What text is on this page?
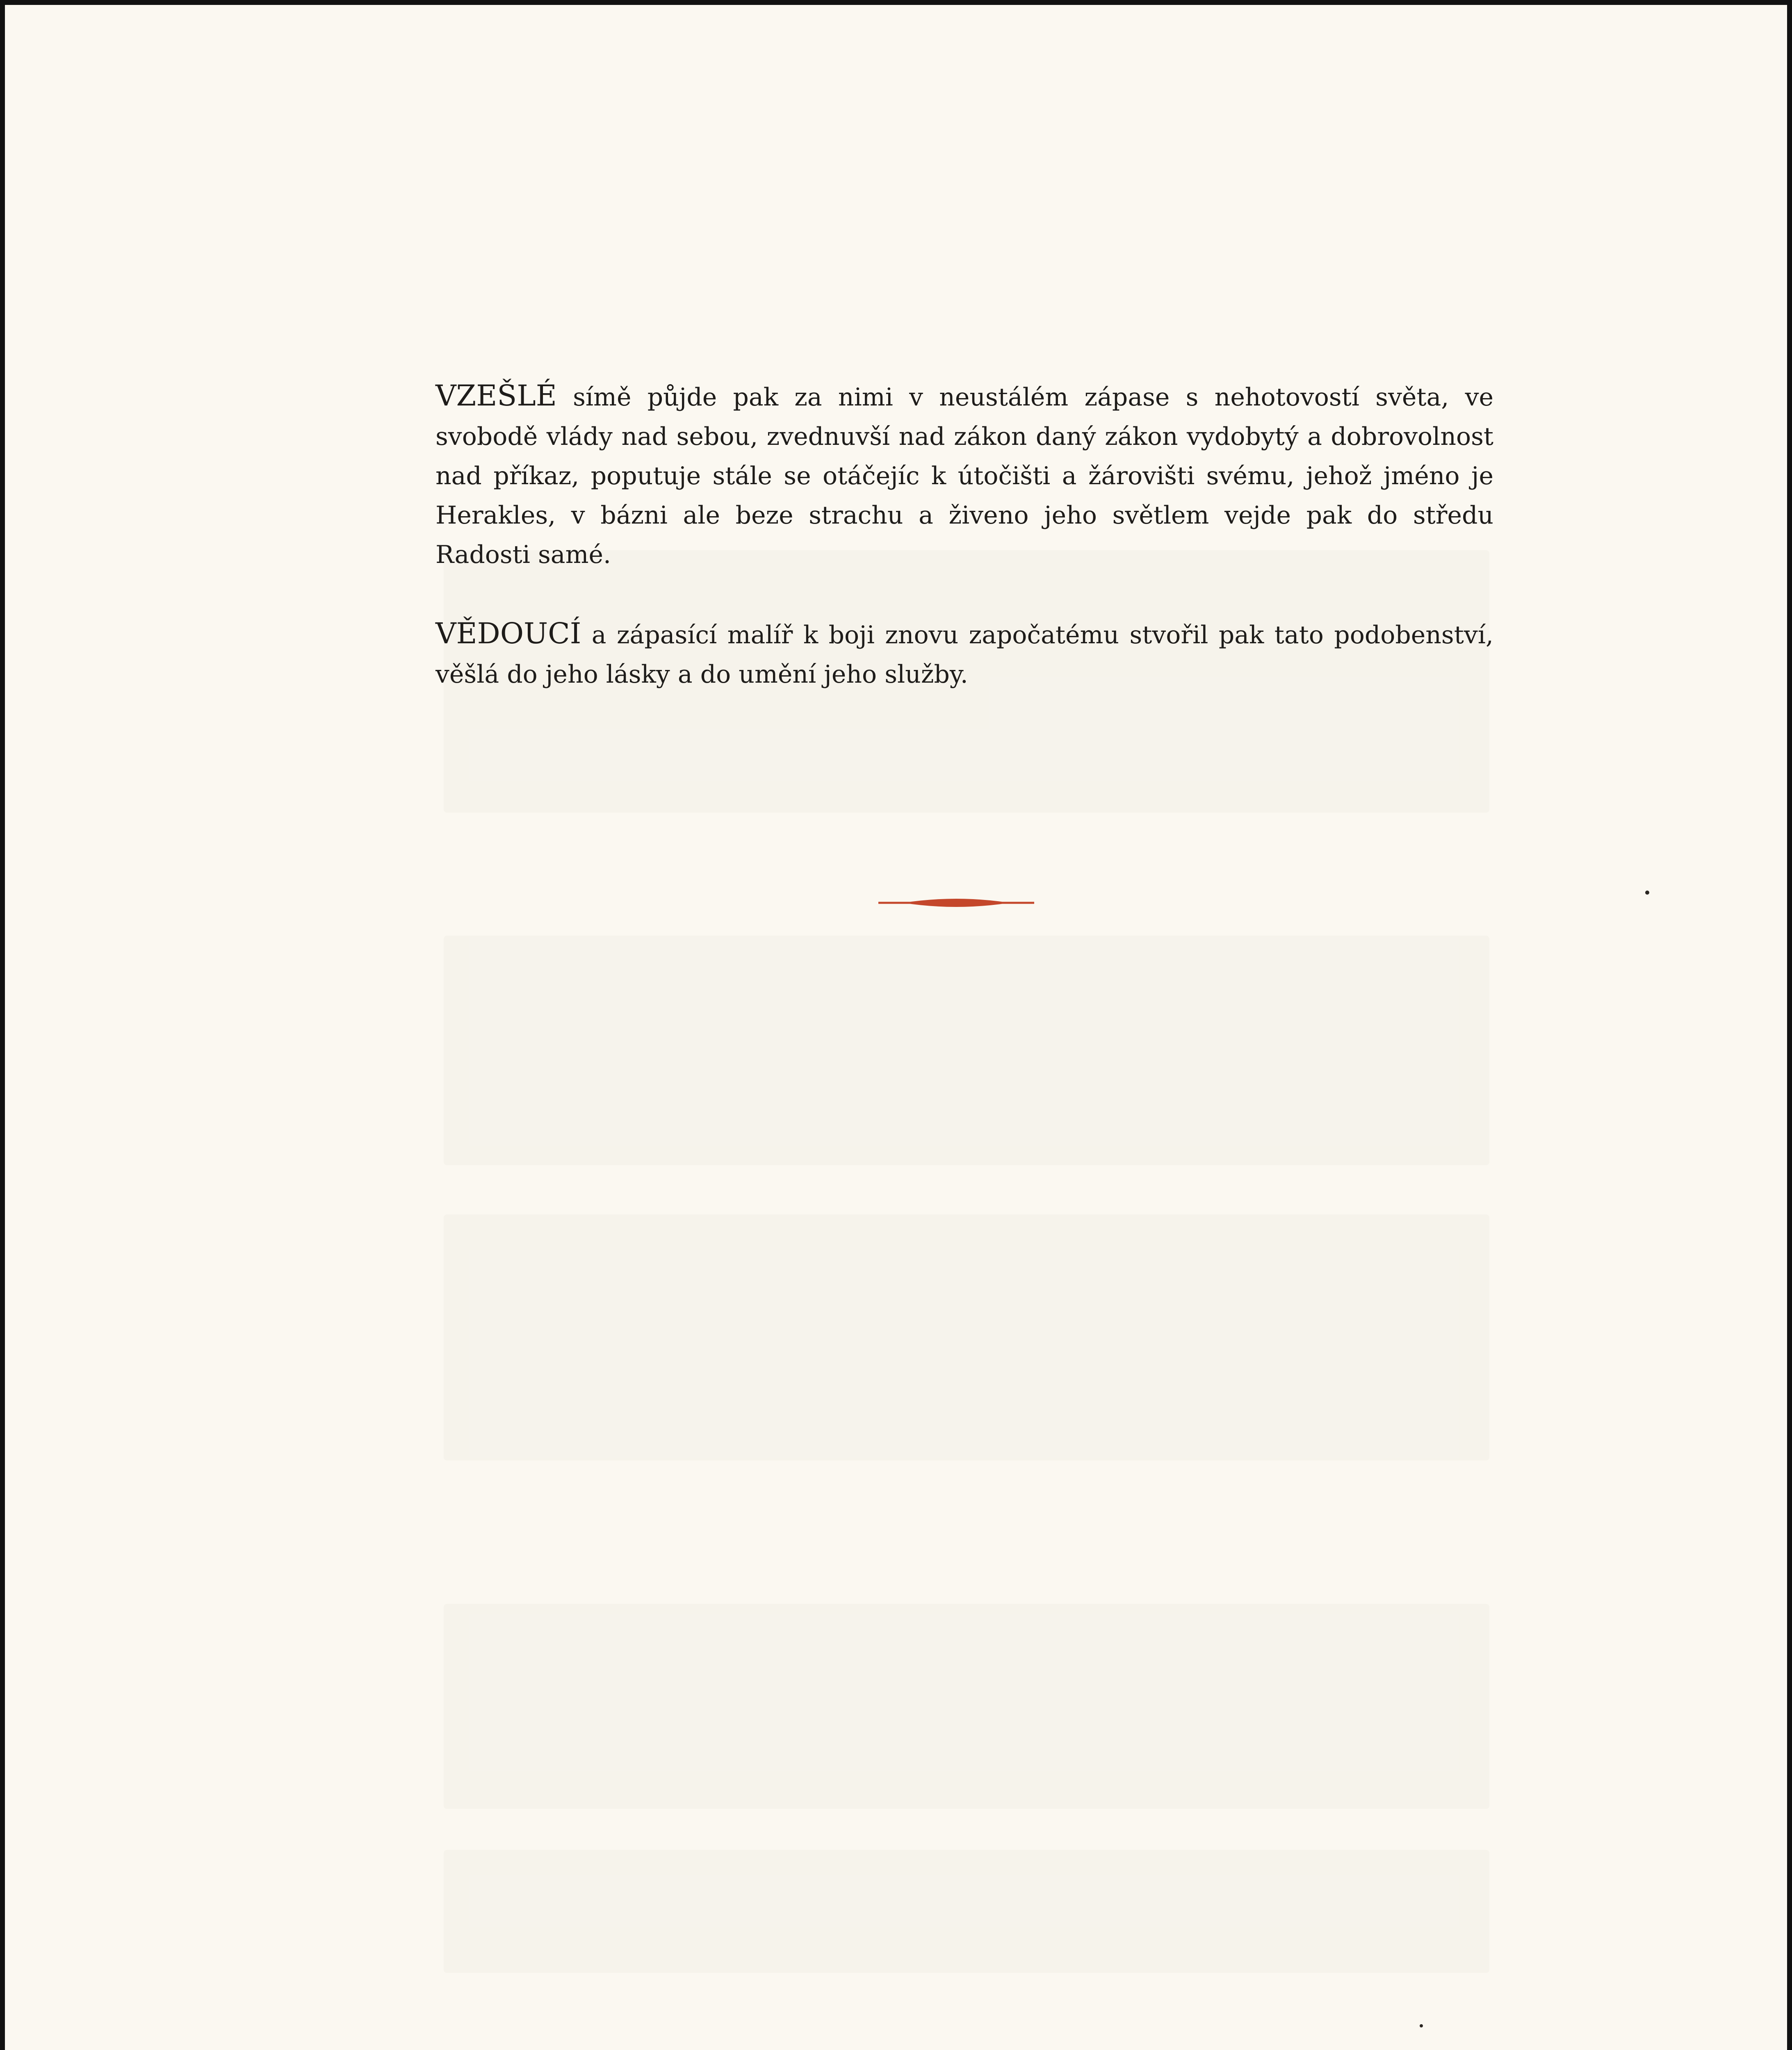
VZEŠLÉ símě půjde pak za nimi v neustálém zápase s nehotovostí světa, ve svobodě vlády nad sebou, zvednuvší nad zákon daný zákon vydobytý a dobrovolnost nad příkaz, poputuje stále se otáčejíc k útočišti a žárovišti svému, jehož jméno je Herakles, v bázni ale beze strachu a živeno jeho světlem vejde pak do středu Radosti samé.

VĚDOUCÍ a zápasící malíř k boji znovu započatému stvořil pak tato podobenství, věšlá do jeho lásky a do umění jeho služby.
